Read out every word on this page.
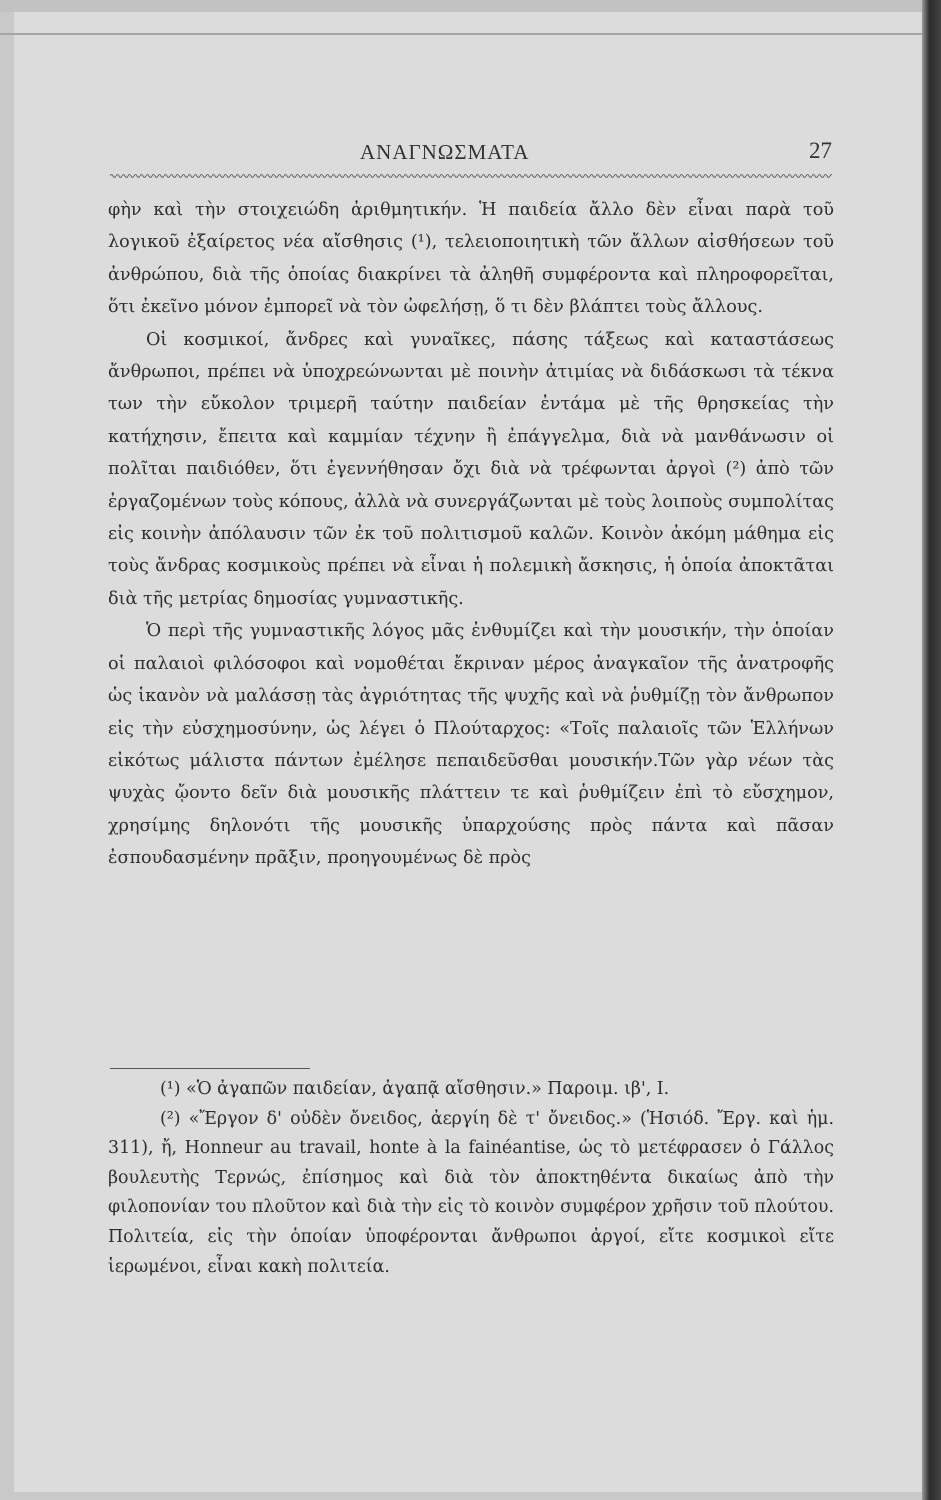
ΑΝΑΓΝΩΣΜΑΤΑ	27

φὴν καὶ τὴν στοιχειώδη ἀριθμητικήν. Ἡ παιδεία ἄλλο δὲν εἶναι παρὰ τοῦ λογικοῦ ἐξαίρετος νέα αἴσθησις (¹), τελειοποιητικὴ τῶν ἄλλων αἰσθήσεων τοῦ ἀνθρώπου, διὰ τῆς ὁποίας διακρίνει τὰ ἀληθῆ συμφέροντα καὶ πληροφορεῖται, ὅτι ἐκεῖνο μόνον ἐμπορεῖ νὰ τὸν ὠφελήσῃ, ὅ τι δὲν βλάπτει τοὺς ἄλλους.

Οἱ κοσμικοί, ἄνδρες καὶ γυναῖκες, πάσης τάξεως καὶ καταστάσεως ἄνθρωποι, πρέπει νὰ ὑποχρεώνωνται μὲ ποινὴν ἀτιμίας νὰ διδάσκωσι τὰ τέκνα των τὴν εὔκολον τριμερῆ ταύτην παιδείαν ἐντάμα μὲ τῆς θρησκείας τὴν κατήχησιν, ἔπειτα καὶ καμμίαν τέχνην ἢ ἐπάγγελμα, διὰ νὰ μανθάνωσιν οἱ πολῖται παιδιόθεν, ὅτι ἐγεννήθησαν ὄχι διὰ νὰ τρέφωνται ἀργοὶ (²) ἀπὸ τῶν ἐργαζομένων τοὺς κόπους, ἀλλὰ νὰ συνεργάζωνται μὲ τοὺς λοιποὺς συμπολίτας εἰς κοινὴν ἀπόλαυσιν τῶν ἐκ τοῦ πολιτισμοῦ καλῶν. Κοινὸν ἀκόμη μάθημα εἰς τοὺς ἄνδρας κοσμικοὺς πρέπει νὰ εἶναι ἡ πολεμικὴ ἄσκησις, ἡ ὁποία ἀποκτᾶται διὰ τῆς μετρίας δημοσίας γυμναστικῆς.

Ὁ περὶ τῆς γυμναστικῆς λόγος μᾶς ἐνθυμίζει καὶ τὴν μουσικήν, τὴν ὁποίαν οἱ παλαιοὶ φιλόσοφοι καὶ νομοθέται ἔκριναν μέρος ἀναγκαῖον τῆς ἀνατροφῆς ὡς ἱκανὸν νὰ μαλάσσῃ τὰς ἀγριότητας τῆς ψυχῆς καὶ νὰ ῥυθμίζῃ τὸν ἄνθρωπον εἰς τὴν εὐσχημοσύνην, ὡς λέγει ὁ Πλούταρχος: «Τοῖς παλαιοῖς τῶν Ἑλλήνων εἰκότως μάλιστα πάντων ἐμέλησε πεπαιδεῦσθαι μουσικήν.Τῶν γὰρ νέων τὰς ψυχὰς ᾤοντο δεῖν διὰ μουσικῆς πλάττειν τε καὶ ῥυθμίζειν ἐπὶ τὸ εὔσχημον, χρησίμης δηλονότι τῆς μουσικῆς ὑπαρχούσης πρὸς πάντα καὶ πᾶσαν ἐσπουδασμένην πρᾶξιν, προηγουμένως δὲ πρὸς

(¹) «Ὁ ἀγαπῶν παιδείαν, ἀγαπᾷ αἴσθησιν.» Παροιμ. ιβ', Ι.

(²) «Ἔργον δ' οὐδὲν ὄνειδος, ἀεργίη δὲ τ' ὄνειδος.» (Ἡσιόδ. Ἔργ. καὶ ἡμ. 311), ἤ, Honneur au travail, honte à la fainéantise, ὡς τὸ μετέφρασεν ὁ Γάλλος βουλευτὴς Τερνώς, ἐπίσημος καὶ διὰ τὸν ἀποκτηθέντα δικαίως ἀπὸ τὴν φιλοπονίαν του πλοῦτον καὶ διὰ τὴν εἰς τὸ κοινὸν συμφέρον χρῆσιν τοῦ πλούτου. Πολιτεία, εἰς τὴν ὁποίαν ὑποφέρονται ἄνθρωποι ἀργοί, εἴτε κοσμικοὶ εἴτε ἱερωμένοι, εἶναι κακὴ πολιτεία.
